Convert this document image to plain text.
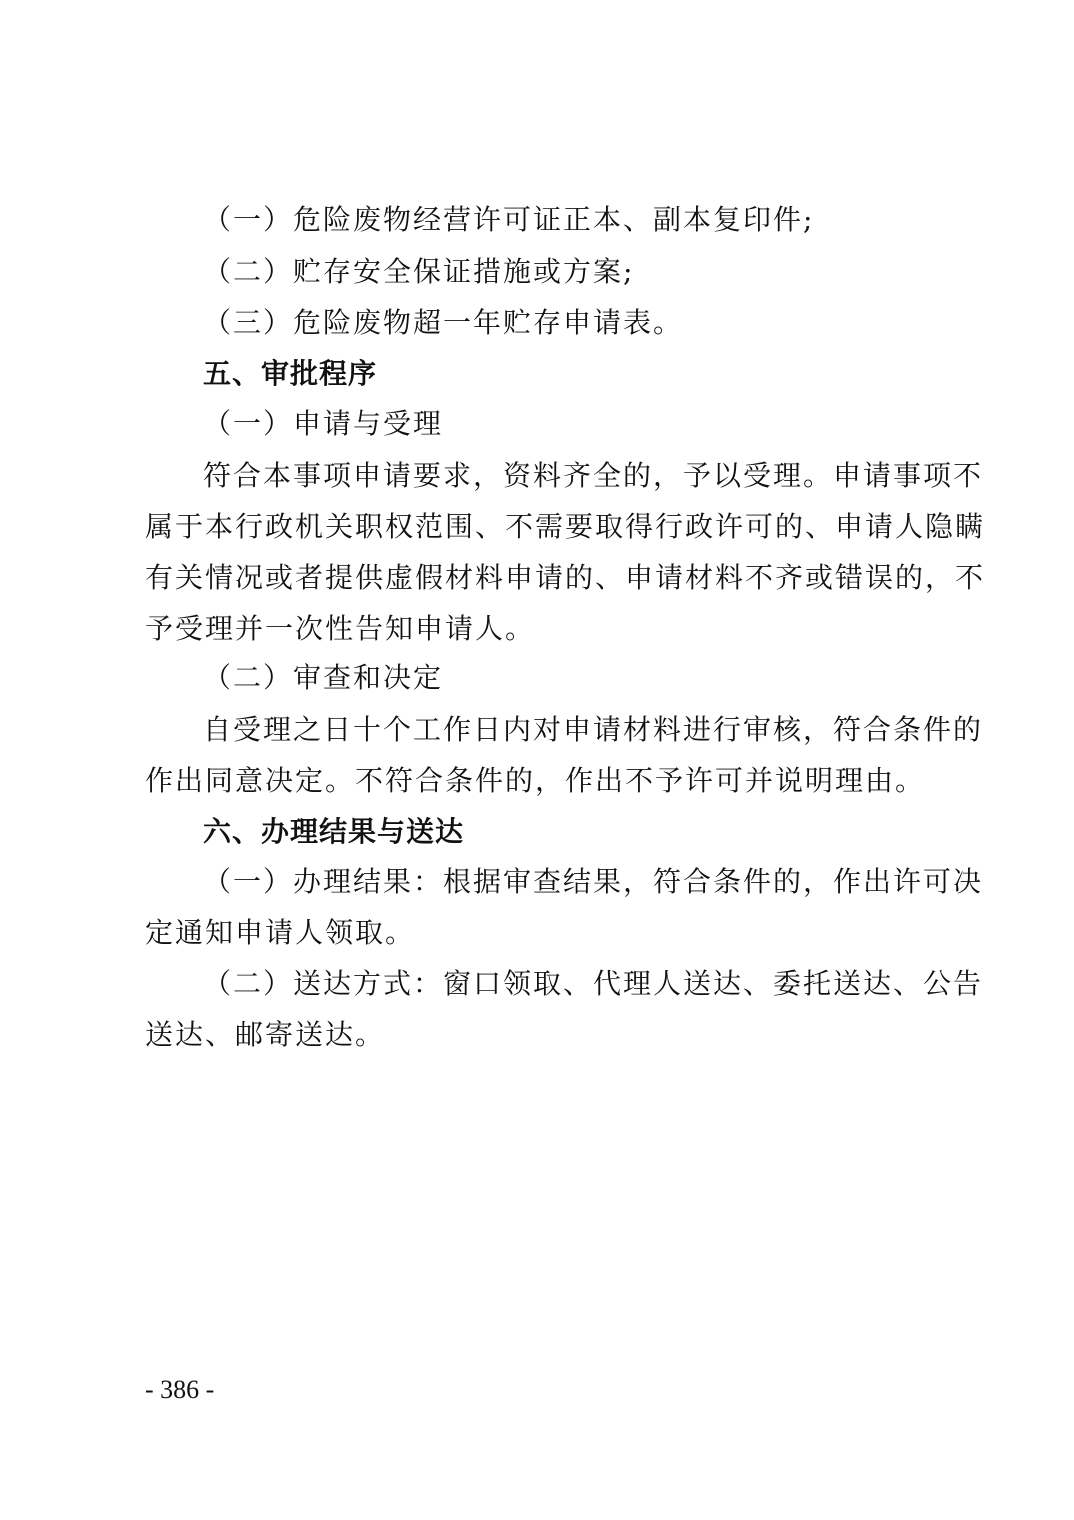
（一）危险废物经营许可证正本、副本复印件;
（二）贮存安全保证措施或方案;
（三）危险废物超一年贮存申请表。
五、审批程序
（一）申请与受理
符合本事项申请要求，资料齐全的，予以受理。申请事项不
属于本行政机关职权范围、不需要取得行政许可的、申请人隐瞒
有关情况或者提供虚假材料申请的、申请材料不齐或错误的，不
予受理并一次性告知申请人。
（二）审查和决定
自受理之日十个工作日内对申请材料进行审核，符合条件的
作出同意决定。不符合条件的，作出不予许可并说明理由。
六、办理结果与送达
（一）办理结果：根据审查结果，符合条件的，作出许可决
定通知申请人领取。
（二）送达方式：窗口领取、代理人送达、委托送达、公告
送达、邮寄送达。
- 386 -
